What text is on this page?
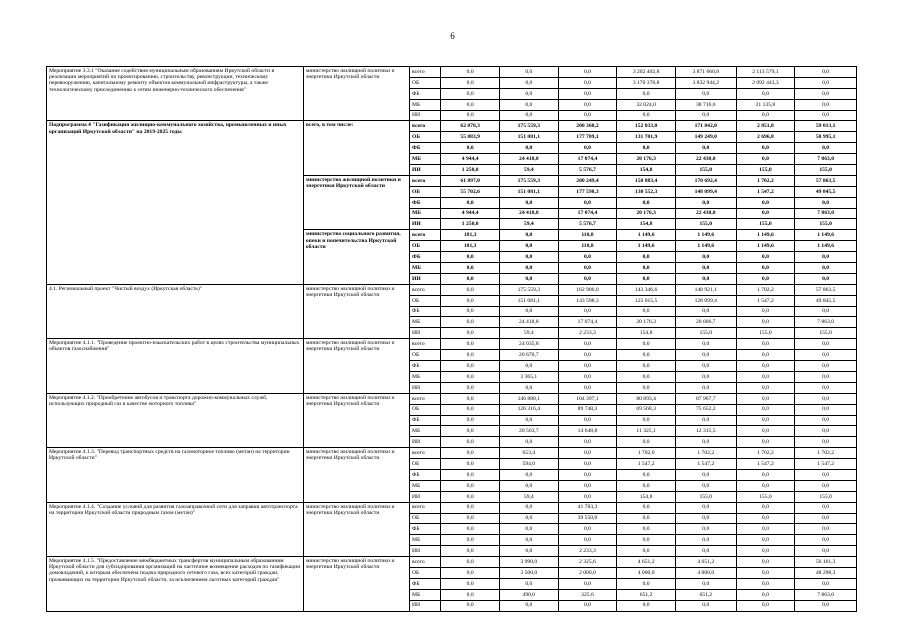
6
Мероприятие 3.3.1 "Оказание содействия муниципальным образованиям Иркутской области в реализации мероприятий по проектированию, строительству, реконструкции, техническому перевооружению, капитальному ремонту объектов коммунальной инфраструктуры, а также технологическому присоединению к сетям инженерно-технического обеспечения"	министерство жилищной политики и энергетики Иркутской области	всего	0,0	0,0	0,0	3 202 402,8	3 871 660,8	2 113 579,1	0,0
		ОБ	0,0	0,0	0,0	3 170 378,8	3 832 944,2	2 092 443,3	0,0
		ФБ	0,0	0,0	0,0	0,0	0,0	0,0	0,0
		МБ	0,0	0,0	0,0	32 024,0	38 716,6	21 135,8	0,0
		ИИ	0,0	0,0	0,0	0,0	0,0	0,0	0,0
Подпрограмма 4 "Газификация жилищно-коммунального хозяйства, промышленных и иных организаций Иркутской области" на 2019-2025 годы	всего, в том числе:	всего	62 078,3	175 559,3	200 360,2	152 033,0	171 842,0	2 851,8	59 013,1
		ОБ	55 883,9	151 081,1	177 709,1	131 701,9	149 249,0	2 696,8	50 995,1
		ФБ	0,0	0,0	0,0	0,0	0,0	0,0	0,0
		МБ	4 944,4	24 418,8	17 074,4	20 176,3	22 438,0	0,0	7 863,0
		ИИ	1 250,0	59,4	5 576,7	154,8	155,0	155,0	155,0
	министерство жилищной политики и энергетики Иркутской области	всего	61 897,0	175 559,3	200 249,4	150 883,4	170 692,4	1 702,2	57 863,5
		ОБ	55 702,6	151 081,1	177 598,3	130 552,3	148 099,4	1 547,2	49 845,5
		ФБ	0,0	0,0	0,0	0,0	0,0	0,0	0,0
		МБ	4 944,4	24 418,8	17 074,4	20 176,3	22 438,0	0,0	7 863,0
		ИИ	1 250,0	59,4	5 576,7	154,8	155,0	155,0	155,0
	министерство социального развития, опеки и попечительства Иркутской области	всего	181,3	0,0	110,8	1 149,6	1 149,6	1 149,6	1 149,6
		ОБ	181,3	0,0	110,8	1 149,6	1 149,6	1 149,6	1 149,6
		ФБ	0,0	0,0	0,0	0,0	0,0	0,0	0,0
		МБ	0,0	0,0	0,0	0,0	0,0	0,0	0,0
		ИИ	0,0	0,0	0,0	0,0	0,0	0,0	0,0
4.1. Региональный проект "Чистый воздух (Иркутская область)"	министерство жилищной политики и энергетики Иркутской области	всего	0,0	175 559,3	162 906,0	143 346,6	148 921,1	1 702,2	57 863,5
		ОБ	0,0	151 081,1	143 598,3	125 015,5	128 099,4	1 547,2	49 845,5
		ФБ	0,0	0,0	0,0	0,0	0,0	0,0	0,0
		МБ	0,0	24 418,8	17 074,4	20 176,3	20 666,7	0,0	7 863,0
		ИИ	0,0	59,4	2 233,3	154,8	155,0	155,0	155,0
Мероприятие 4.1.1. "Проведение проектно-изыскательских работ в целях строительства муниципальных объектов газоснабжения"	министерство жилищной политики и энергетики Иркутской области	всего	0,0	24 035,8	0,0	0,0	0,0	0,0	0,0
		ОБ	0,0	20 670,7	0,0	0,0	0,0	0,0	0,0
		ФБ	0,0	0,0	0,0	0,0	0,0	0,0	0,0
		МБ	0,0	3 365,1	0,0	0,0	0,0	0,0	0,0
		ИИ	0,0	0,0	0,0	0,0	0,0	0,0	0,0
Мероприятие 4.1.2. "Приобретение автобусов и транспорта дорожно-коммунальных служб, использующих природный газ в качестве моторного топлива"	министерство жилищной политики и энергетики Иркутской области	всего	0,0	146 880,1	104 397,1	80 893,4	87 967,7	0,0	0,0
		ОБ	0,0	126 316,4	89 748,3	69 568,3	75 652,2	0,0	0,0
		ФБ	0,0	0,0	0,0	0,0	0,0	0,0	0,0
		МБ	0,0	20 563,7	14 648,8	11 325,1	12 315,5	0,0	0,0
		ИИ	0,0	0,0	0,0	0,0	0,0	0,0	0,0
Мероприятие 4.1.3. "Перевод транспортных средств на газомоторное топливо (метан) на территории Иркутской области"	министерство жилищной политики и энергетики Иркутской области	всего	0,0	653,4	0,0	1 702,0	1 702,2	1 702,2	1 702,2
		ОБ	0,0	594,0	0,0	1 547,2	1 547,2	1 547,2	1 547,2
		ФБ	0,0	0,0	0,0	0,0	0,0	0,0	0,0
		МБ	0,0	0,0	0,0	0,0	0,0	0,0	0,0
		ИИ	0,0	59,4	0,0	154,8	155,0	155,0	155,0
Мероприятие 4.1.4. "Создание условий для развития газозаправочной сети для заправки автотранспорта на территории Иркутской области природным газом (метан)"	министерство жилищной политики и энергетики Иркутской области	всего	0,0	0,0	41 783,3	0,0	0,0	0,0	0,0
		ОБ	0,0	0,0	39 550,0	0,0	0,0	0,0	0,0
		ФБ	0,0	0,0	0,0	0,0	0,0	0,0	0,0
		МБ	0,0	0,0	0,0	0,0	0,0	0,0	0,0
		ИИ	0,0	0,0	2 233,3	0,0	0,0	0,0	0,0
Мероприятие 4.1.5. "Предоставление межбюджетных трансфертов муниципальным образованиям Иркутской области для субсидирования организаций на частичное возмещение расходов по газификации домовладений, к которым обеспечена подача природного сетевого газа, всех категорий граждан, проживающих на территории Иркутской области, за исключением льготных категорий граждан"	министерство жилищной политики и энергетики Иркутской области	всего	0,0	3 990,0	2 325,6	4 651,2	4 651,2	0,0	56 161,3
		ОБ	0,0	3 500,0	2 000,0	4 000,0	4 000,0	0,0	48 298,3
		ФБ	0,0	0,0	0,0	0,0	0,0	0,0	0,0
		МБ	0,0	490,0	325,6	651,2	651,2	0,0	7 863,0
		ИИ	0,0	0,0	0,0	0,0	0,0	0,0	0,0
